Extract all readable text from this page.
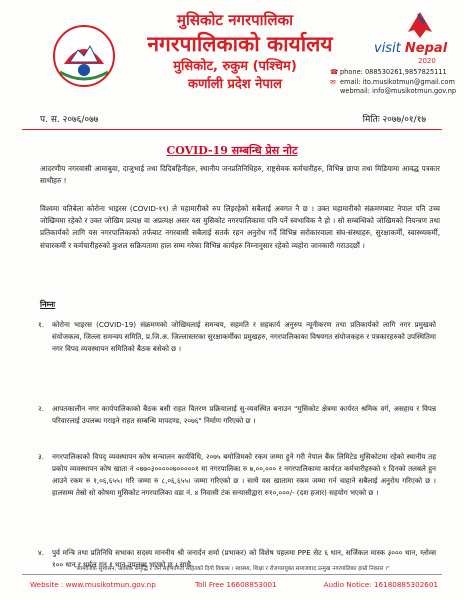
मुसिकोट नगरपालिका
नगरपालिकाको कार्यालय
मुसिकोट, रुकुम (पश्चिम)
कर्णाली प्रदेश नेपाल
visit Nepal
2020
☎ phone: 088530261,9857825111
✉ email: ito.musikotmun@gmail.com
webmail: info@musikotmun.gov.np
प. स. २०७६/०७७	मितिः २०७७/०१/१७
COVID-19 सम्बन्धि प्रेस नोट
आदरणीय नगरवासी आमाबुवा, दाजुभाई तथा दिदिबहिनीहरु, स्थानीय जनप्रतिनिधिहरु, राष्ट्रसेवक कर्मचारीहरु, विभिन्न छापा तथा मिडियामा आवद्ध पत्रकार साथीहरु !
विश्वमा यतिबेला कोरोना भाइरस (COVID-१९) ले महामारीको रुप लिइरहेको सबैलाई अवगत नै छ । उक्त महामारीको संक्रमणबाट नेपाल पनि उच्च जोखिममा रहेको र उक्त जोखिम प्रत्यक्ष वा अप्रत्यक्ष असर यस मुसिकोट नगरपालिकामा पनि पर्ने स्वभाविक नै हो । सो सम्बन्धिको जोखिमको नियन्त्रण तथा प्रतिकार्यको लागि यस नगरपालिकाको तर्फबाट नगरबासी सबैलाई सतर्क रहन अनुरोध गर्दै विभिन्न सरोकारवाला संघ-संस्थाहरु, सुरक्षाकर्मी, स्वास्थ्यकर्मी, संचारकर्मी र कर्मचारीहरुको कुशल सक्रियतामा हाल सम्म गरेका विभिन्न कार्यहरु निम्नानुसार रहेको व्यहोरा जानकारी गराउदछौं ।
निम्नः
१. कोरोना भाइरस (COVID-19) संक्रमणको जोखिमलाई समन्वय, सहमति र सहकार्य अनुरुप न्यूनीकरण तथा प्रतिकार्यको लागि नगर प्रमुखको संयोजकत्व, जिल्ला समन्वय समिति, प्र.जि.अ. जिल्लास्तरका सुरक्षाकर्मीका प्रमुखहरु, नगरपालिकाका विषयगत संयोजकहरु र पत्रकारहरुको उपस्थितिमा नगर विपद व्यवस्थापन समितिको बैठक बसेको छ ।
२. आपतकालीन नगर कार्यपालिकाको बैठक बसी राहत वितरण प्रक्रियालाई सु-व्यवस्थित बनाउन "मुसिकोट क्षेत्रमा कार्यरत श्रमिक वर्ग, असहाय र विपन्न परिवारलाई उपलब्ध गराइने राहत सम्बन्धि मापदण्ड, २०७६" निर्माण गरिएको छ ।
३. नगरपालिकाको विपद् व्यवस्थापन कोष सन्चालन कार्यविधि, २०७५ बमोजिमको रकम जम्मा हुने गरी नेपाल बैंक लिमिटेड मुसिकोटमा रहेको स्थानीय तह प्रकोप व्यवस्थापन कोष खाता नं ०७७०३०००००७०००००१ मा नगरपालिका रु ७,००,००० र नगरपालिकामा कार्यरत कर्मचारीहरुको १ दिनको तलबले हुन आउने रकम रु १,०६,६५५। गरि जम्मा रु ८,०६,६५५। जम्मा गरिएको छ । साथै यस खातामा रकम जम्मा गर्न चाहाने सबैलाई अनुरोध गरिएको छ । हालसम्म तेस्रो सो कोषमा मुसिकोट नगरपालिका वडा नं. ४ निवासी टंक सन्यासीद्वारा रु१०,०००/- (दश हजार) सहयोग भएको छ ।
४. पुर्व मन्त्रि तथा प्रतिनिधि सभाका सदस्य माननीय श्री जनार्दन शर्मा (प्रभाकर) को विशेष पहलमा PPE सेट ६ थान, सर्जिकल मास्क ३००० थान, ग्लोव्स १०० थान र थर्मल गन १ थान उपलब्ध भएको छ । साथै
"सामाजिक सुशासन, आर्थिक समृद्धि र जन सहभागिता सहितको दिगो विकास । स्वास्थ्य, शिक्षा र रोजगारयुक्त समाजवाद उन्मुख नगरपालिका हाम्रो निकास ।"
Website : www.musikotmun.gov.np	Toll Free 16608853001	Audio Notice: 16180885302601
